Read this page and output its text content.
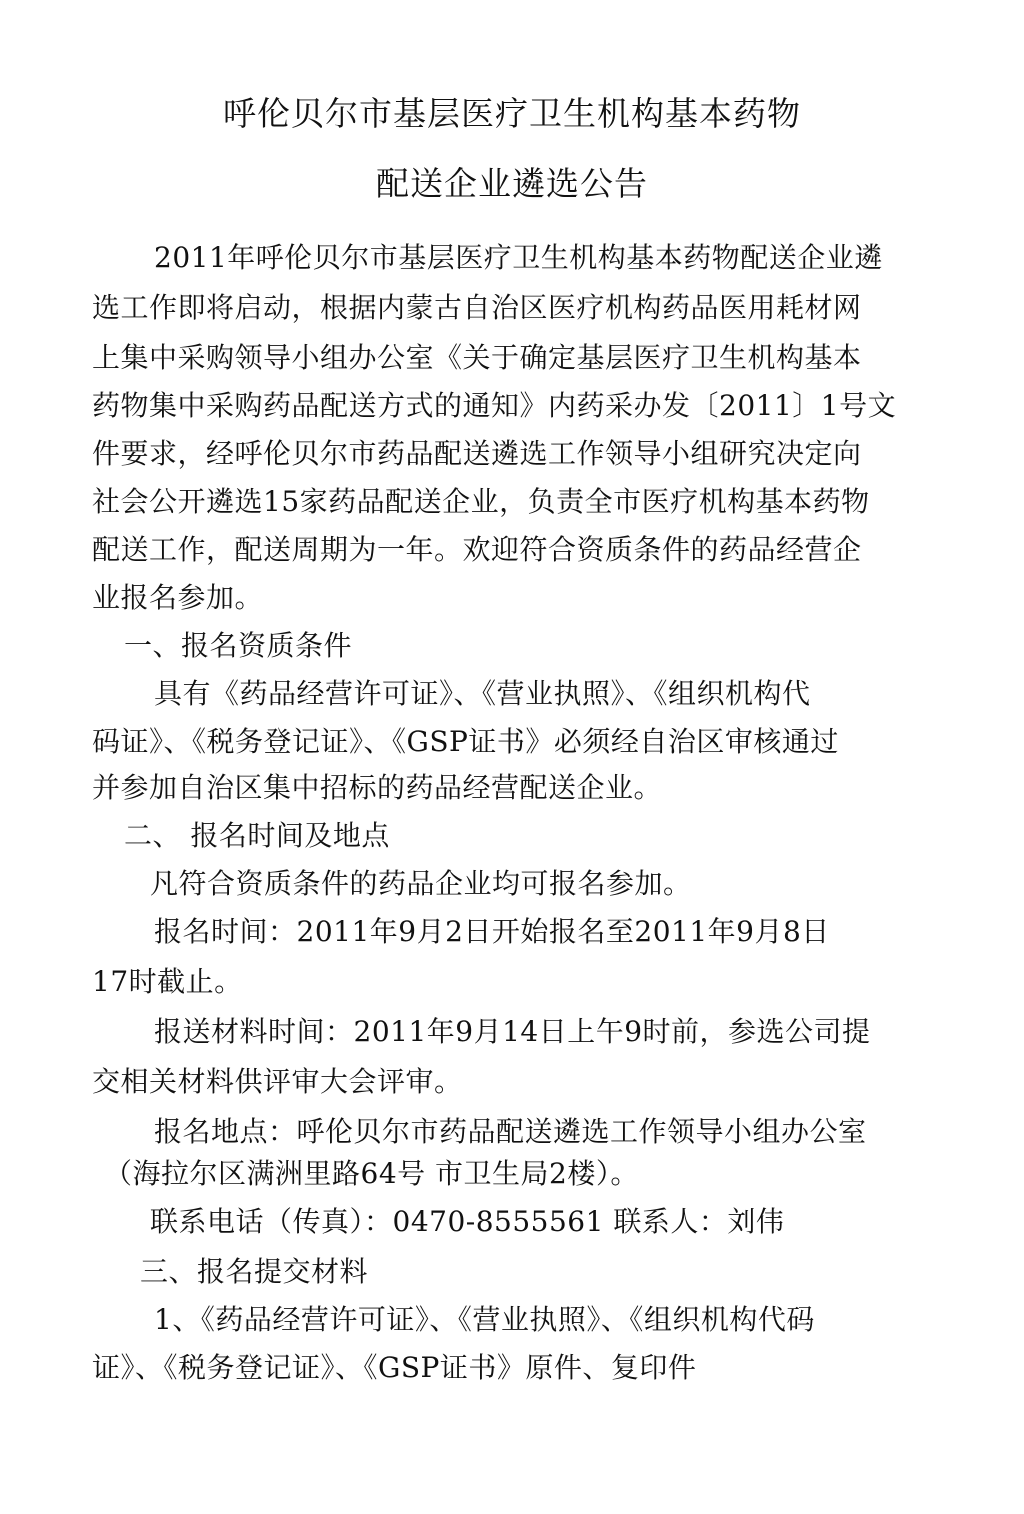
呼伦贝尔市基层医疗卫生机构基本药物
配送企业遴选公告
2011年呼伦贝尔市基层医疗卫生机构基本药物配送企业遴
选工作即将启动，根据内蒙古自治区医疗机构药品医用耗材网
上集中采购领导小组办公室《关于确定基层医疗卫生机构基本
药物集中采购药品配送方式的通知》内药采办发〔2011〕1号文
件要求，经呼伦贝尔市药品配送遴选工作领导小组研究决定向
社会公开遴选15家药品配送企业，负责全市医疗机构基本药物
配送工作，配送周期为一年。欢迎符合资质条件的药品经营企
业报名参加。
一、报名资质条件
具有《药品经营许可证》、《营业执照》、《组织机构代
码证》、《税务登记证》、《GSP证书》必须经自治区审核通过
并参加自治区集中招标的药品经营配送企业。
二、 报名时间及地点
凡符合资质条件的药品企业均可报名参加。
报名时间：2011年9月2日开始报名至2011年9月8日
17时截止。
报送材料时间：2011年9月14日上午9时前，参选公司提
交相关材料供评审大会评审。
报名地点：呼伦贝尔市药品配送遴选工作领导小组办公室
（海拉尔区满洲里路64号 市卫生局2楼）。
联系电话（传真）：0470-8555561 联系人：刘伟
三、报名提交材料
1、《药品经营许可证》、《营业执照》、《组织机构代码
证》、《税务登记证》、《GSP证书》原件、复印件
